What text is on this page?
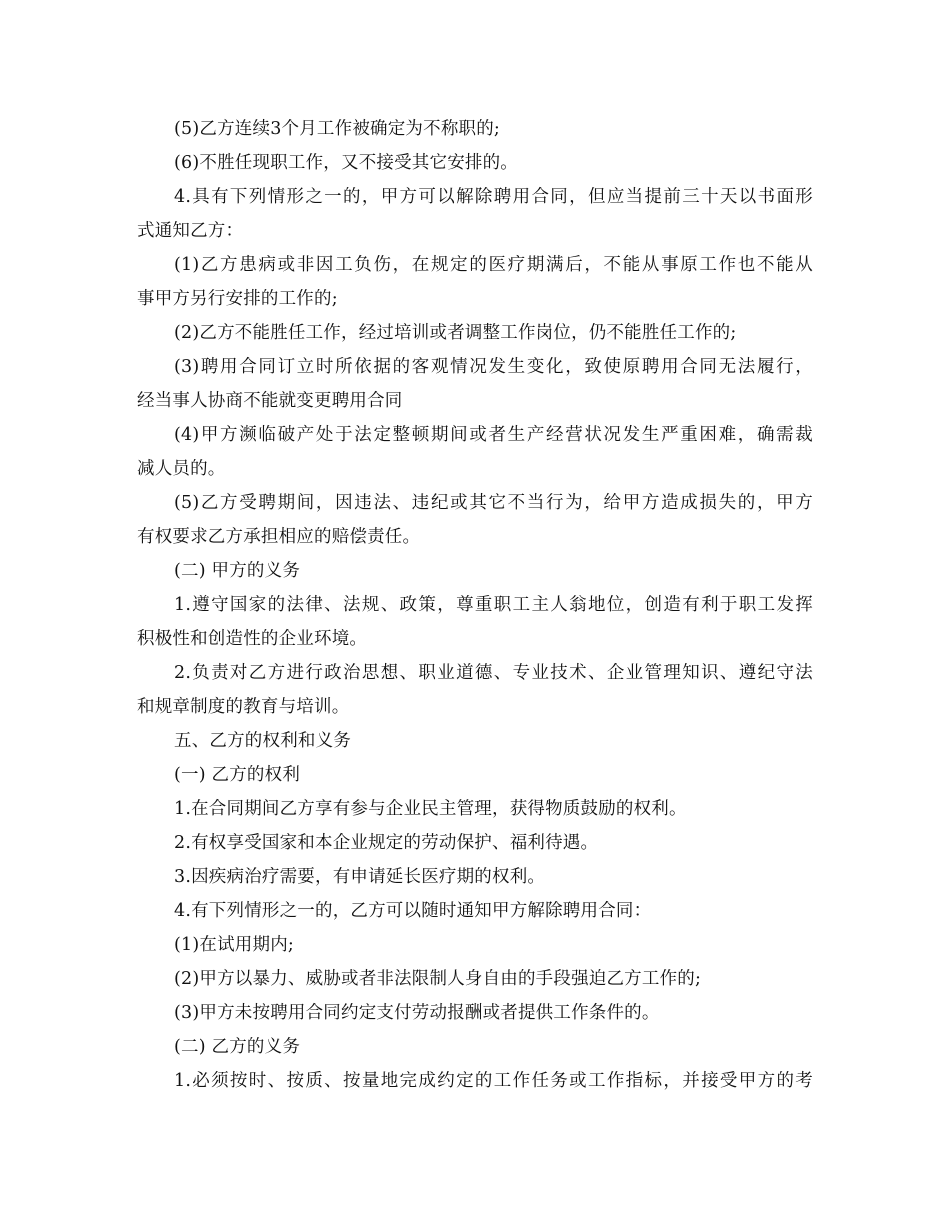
(5)乙方连续3个月工作被确定为不称职的;
(6)不胜任现职工作，又不接受其它安排的。
4.具有下列情形之一的，甲方可以解除聘用合同，但应当提前三十天以书面形
式通知乙方：
(1)乙方患病或非因工负伤，在规定的医疗期满后，不能从事原工作也不能从
事甲方另行安排的工作的;
(2)乙方不能胜任工作，经过培训或者调整工作岗位，仍不能胜任工作的;
(3)聘用合同订立时所依据的客观情况发生变化，致使原聘用合同无法履行，
经当事人协商不能就变更聘用合同
(4)甲方濒临破产处于法定整顿期间或者生产经营状况发生严重困难，确需裁
减人员的。
(5)乙方受聘期间，因违法、违纪或其它不当行为，给甲方造成损失的，甲方
有权要求乙方承担相应的赔偿责任。
(二) 甲方的义务
1.遵守国家的法律、法规、政策，尊重职工主人翁地位，创造有利于职工发挥
积极性和创造性的企业环境。
2.负责对乙方进行政治思想、职业道德、专业技术、企业管理知识、遵纪守法
和规章制度的教育与培训。
五、乙方的权利和义务
(一) 乙方的权利
1.在合同期间乙方享有参与企业民主管理，获得物质鼓励的权利。
2.有权享受国家和本企业规定的劳动保护、福利待遇。
3.因疾病治疗需要，有申请延长医疗期的权利。
4.有下列情形之一的，乙方可以随时通知甲方解除聘用合同：
(1)在试用期内;
(2)甲方以暴力、威胁或者非法限制人身自由的手段强迫乙方工作的;
(3)甲方未按聘用合同约定支付劳动报酬或者提供工作条件的。
(二) 乙方的义务
1.必须按时、按质、按量地完成约定的工作任务或工作指标，并接受甲方的考
